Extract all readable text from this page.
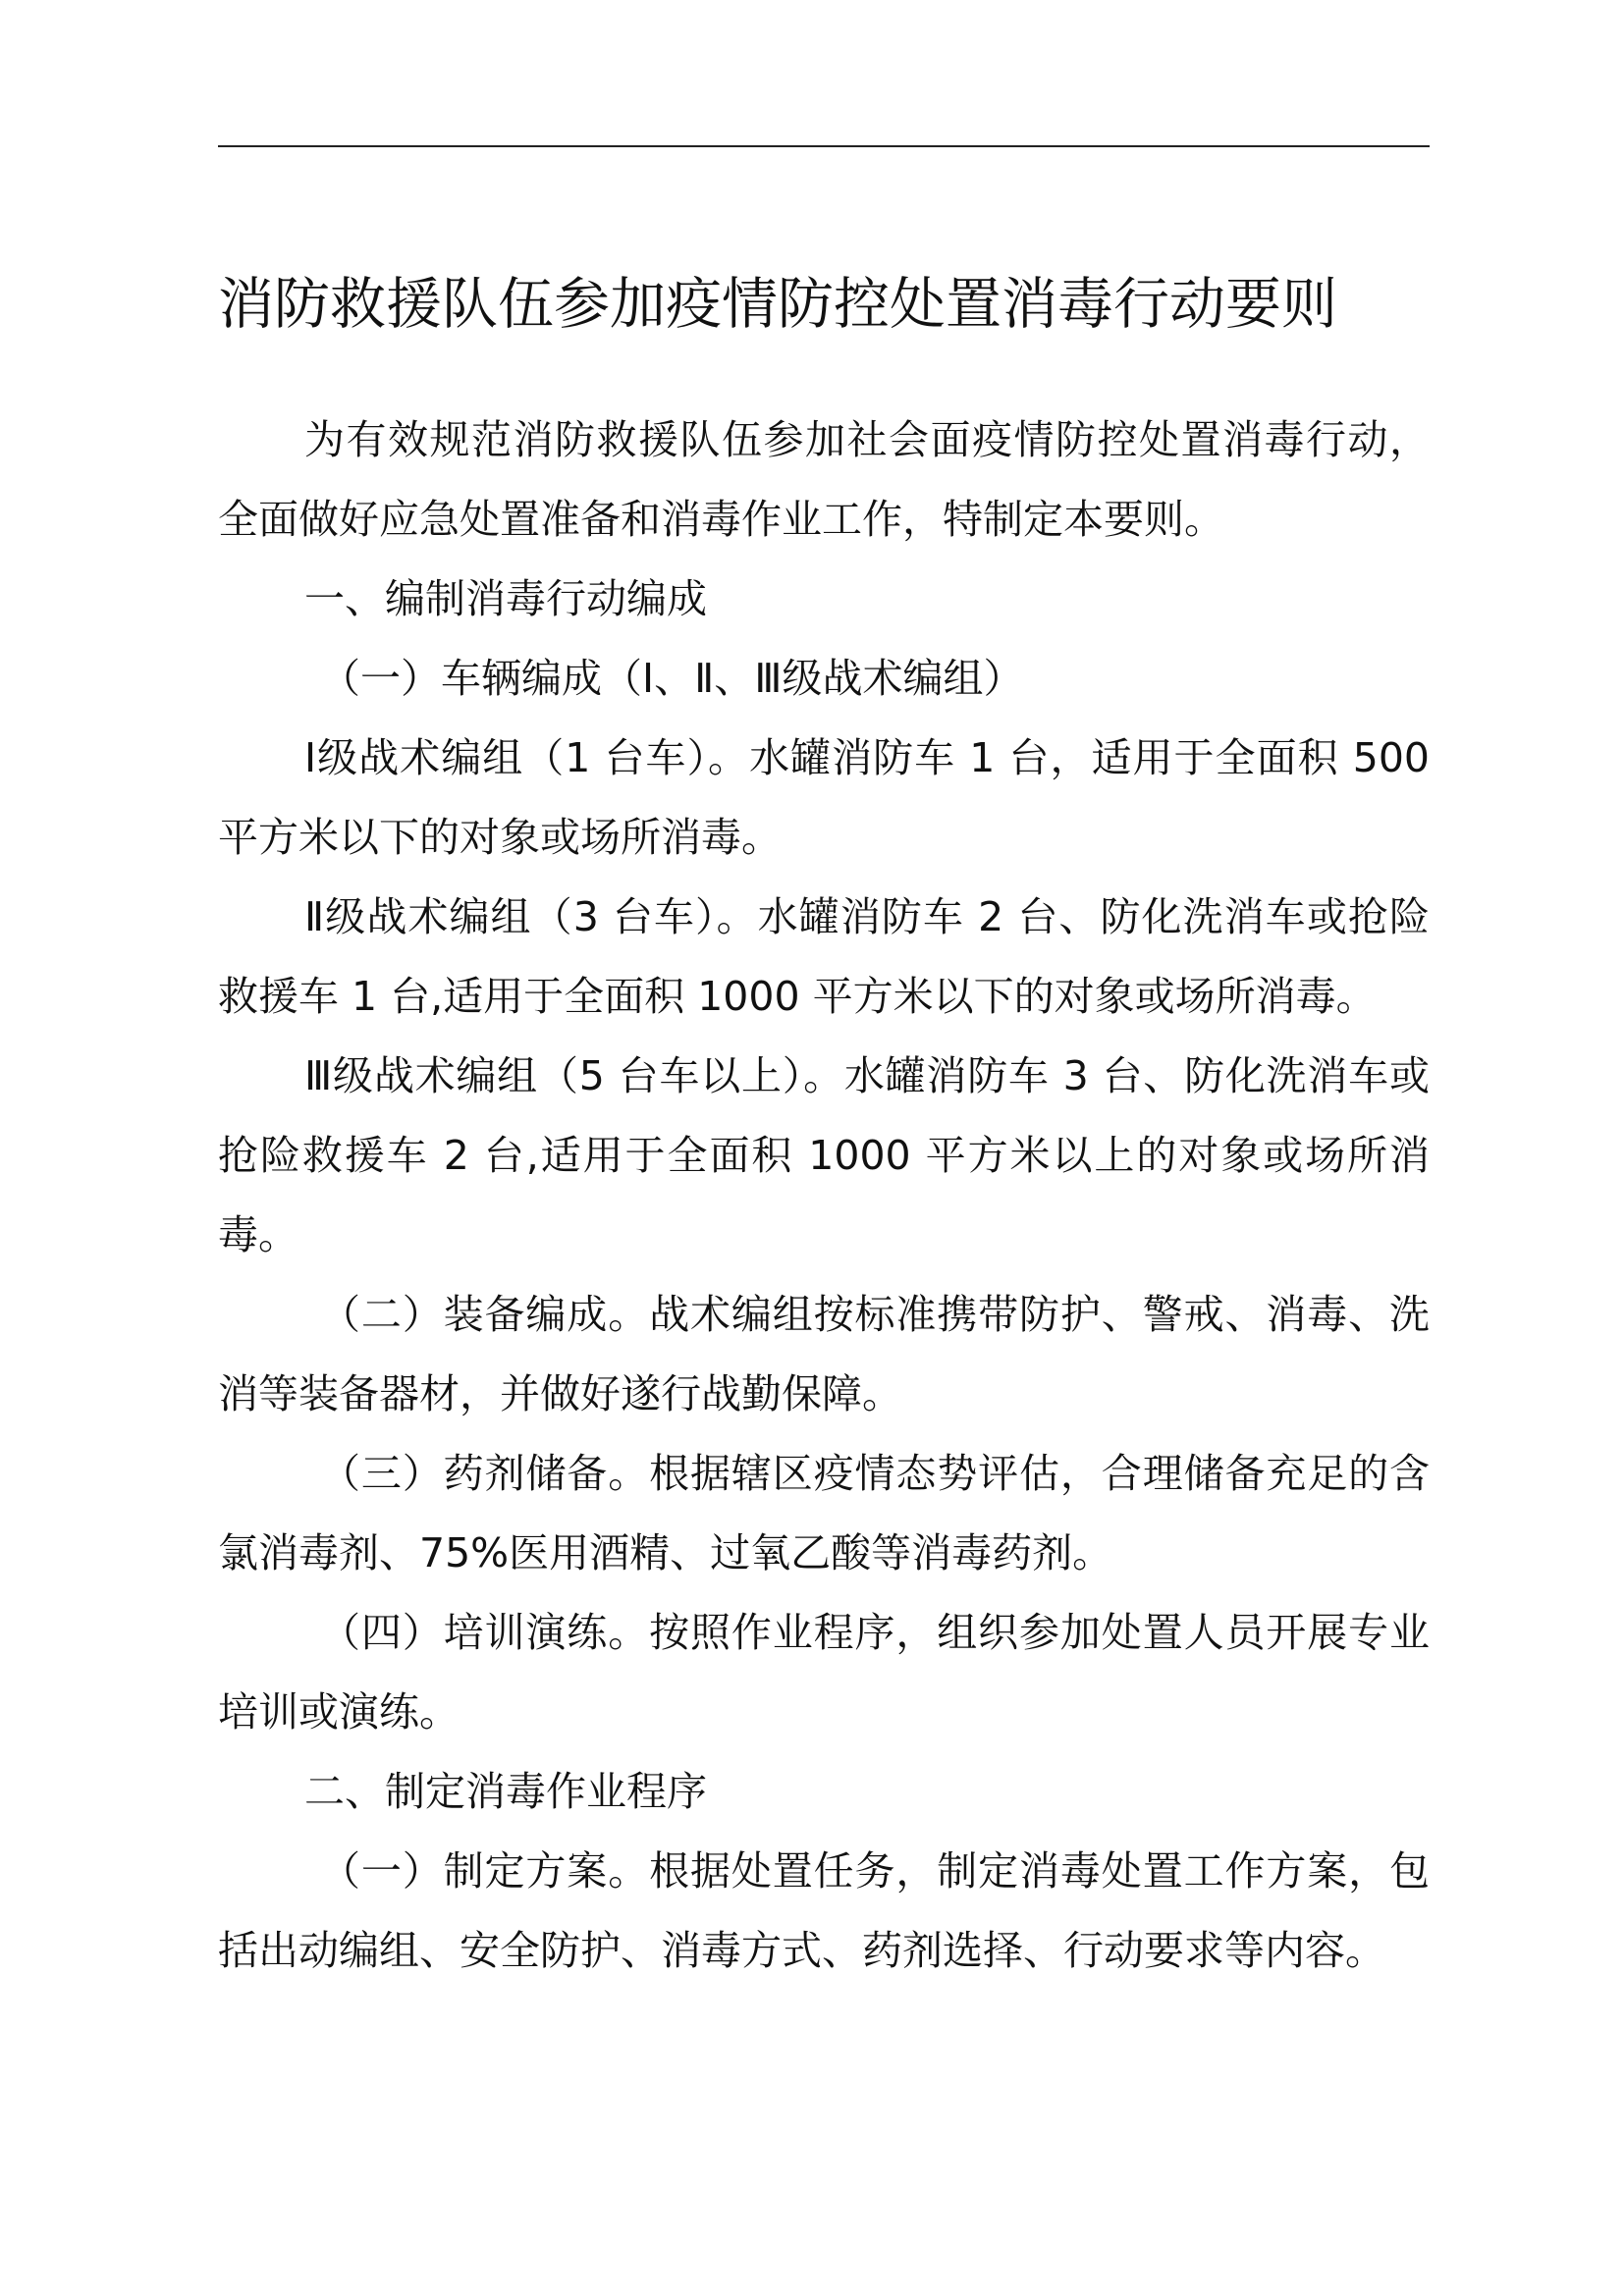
消防救援队伍参加疫情防控处置消毒行动要则

为有效规范消防救援队伍参加社会面疫情防控处置消毒行动，全面做好应急处置准备和消毒作业工作，特制定本要则。

一、编制消毒行动编成

（一）车辆编成（Ⅰ、Ⅱ、Ⅲ级战术编组）

Ⅰ级战术编组（1 台车）。水罐消防车 1 台，适用于全面积 500 平方米以下的对象或场所消毒。

Ⅱ级战术编组（3 台车）。水罐消防车 2 台、防化洗消车或抢险救援车 1 台,适用于全面积 1000 平方米以下的对象或场所消毒。

Ⅲ级战术编组（5 台车以上）。水罐消防车 3 台、防化洗消车或抢险救援车 2 台,适用于全面积 1000 平方米以上的对象或场所消毒。

（二）装备编成。战术编组按标准携带防护、警戒、消毒、洗消等装备器材，并做好遂行战勤保障。

（三）药剂储备。根据辖区疫情态势评估，合理储备充足的含氯消毒剂、75%医用酒精、过氧乙酸等消毒药剂。

（四）培训演练。按照作业程序，组织参加处置人员开展专业培训或演练。

二、制定消毒作业程序

（一）制定方案。根据处置任务，制定消毒处置工作方案，包括出动编组、安全防护、消毒方式、药剂选择、行动要求等内容。
